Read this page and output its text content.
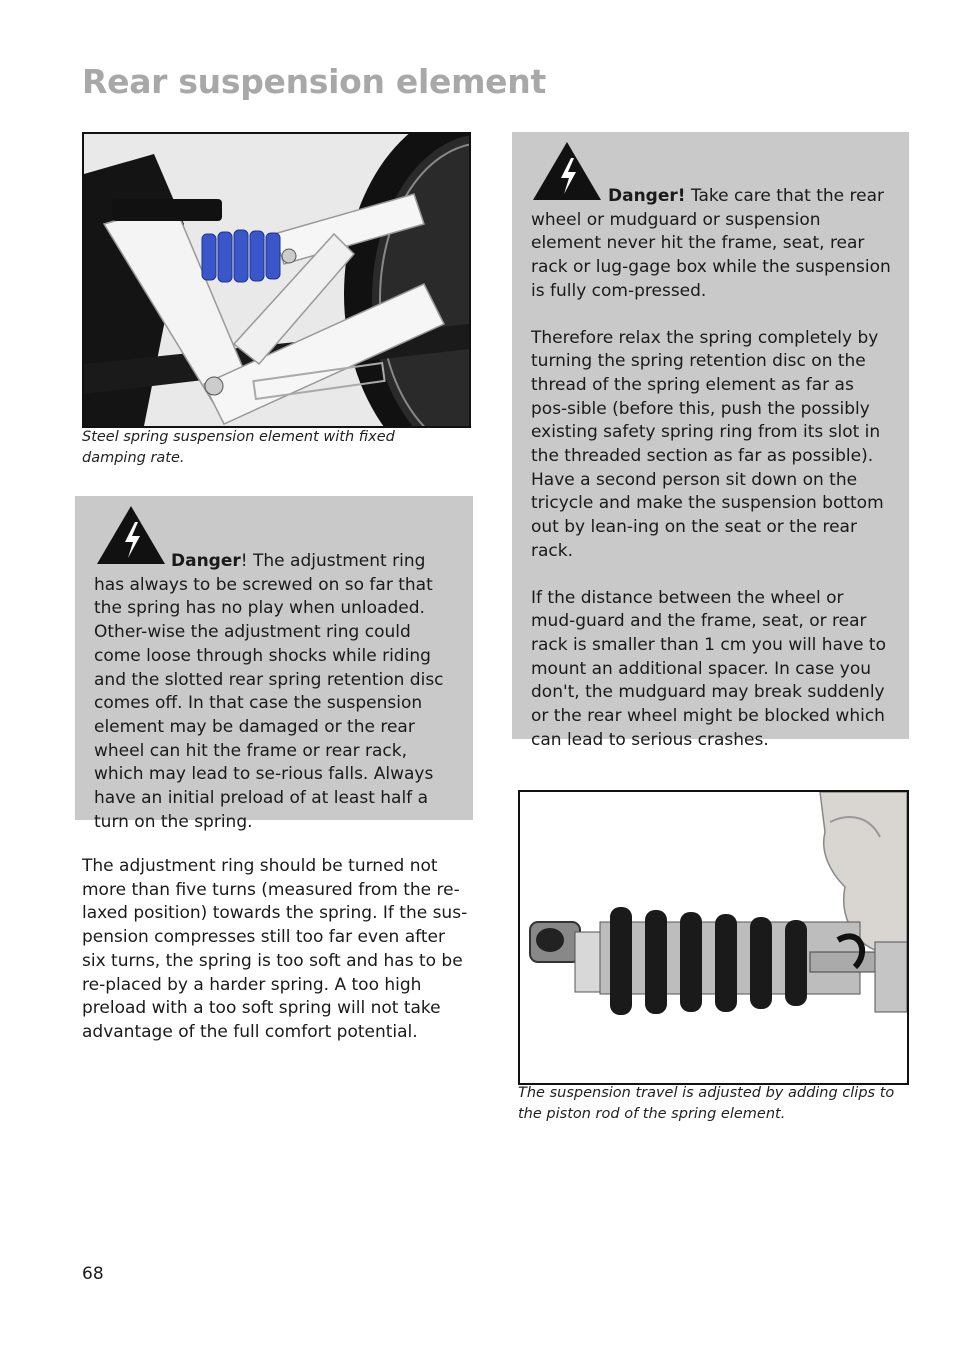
Rear suspension element
Steel spring suspension element with fixed damping rate.

Danger! The adjustment ring has always to be screwed on so far that the spring has no play when unloaded. Other-wise the adjustment ring could come loose through shocks while riding and the slotted rear spring retention disc comes off. In that case the suspension element may be damaged or the rear wheel can hit the frame or rear rack, which may lead to se-rious falls. Always have an initial preload of at least half a turn on the spring.

The adjustment ring should be turned not more than five turns (measured from the re-laxed position) towards the spring. If the sus-pension compresses still too far even after six turns, the spring is too soft and has to be re-placed by a harder spring. A too high preload with a too soft spring will not take advantage of the full comfort potential.

Danger! Take care that the rear wheel or mudguard or suspension element never hit the frame, seat, rear rack or lug-gage box while the suspension is fully com-pressed.

Therefore relax the spring completely by turning the spring retention disc on the thread of the spring element as far as pos-sible (before this, push the possibly existing safety spring ring from its slot in the threaded section as far as possible). Have a second person sit down on the tricycle and make the suspension bottom out by lean-ing on the seat or the rear rack.

If the distance between the wheel or mud-guard and the frame, seat, or rear rack is smaller than 1 cm you will have to mount an additional spacer. In case you don't, the mudguard may break suddenly or the rear wheel might be blocked which can lead to serious crashes.

The suspension travel is adjusted by adding clips to the piston rod of the spring element.
68
